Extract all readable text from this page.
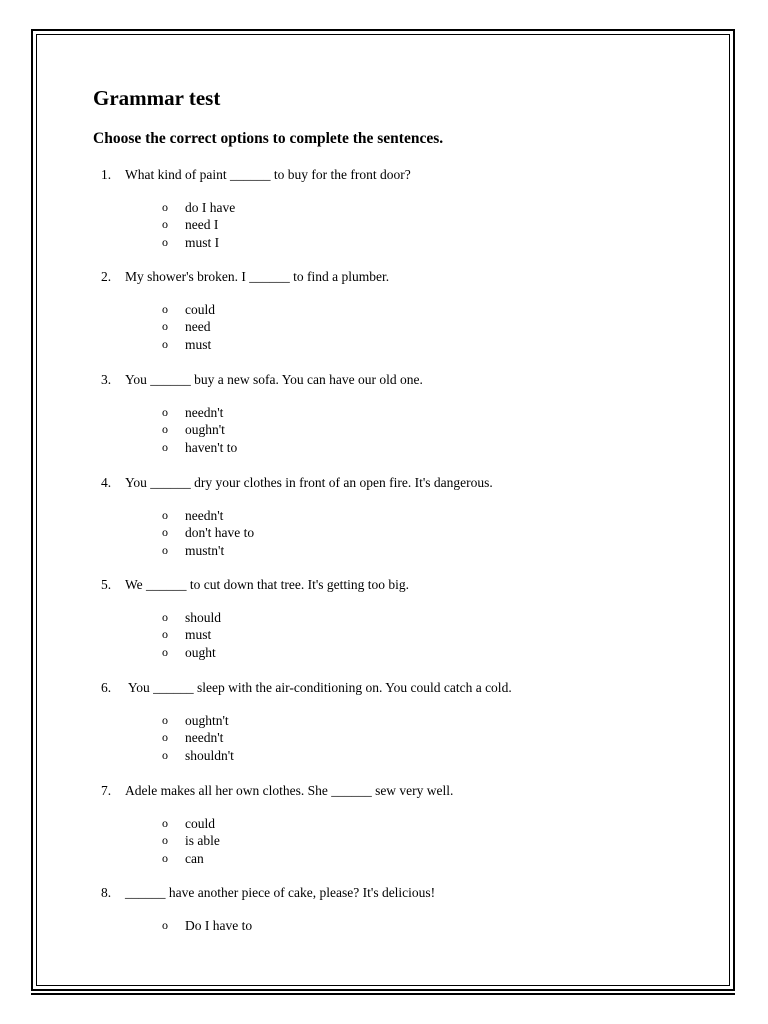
Grammar test

Choose the correct options to complete the sentences.

1. What kind of paint ______ to buy for the front door?
o do I have
o need I
o must I
2. My shower's broken. I ______ to find a plumber.
o could
o need
o must
3. You ______ buy a new sofa. You can have our old one.
o needn't
o oughn't
o haven't to
4. You ______ dry your clothes in front of an open fire. It's dangerous.
o needn't
o don't have to
o mustn't
5. We ______ to cut down that tree. It's getting too big.
o should
o must
o ought
6. You ______ sleep with the air-conditioning on. You could catch a cold.
o oughtn't
o needn't
o shouldn't
7. Adele makes all her own clothes. She ______ sew very well.
o could
o is able
o can
8. ______ have another piece of cake, please? It's delicious!
o Do I have to
